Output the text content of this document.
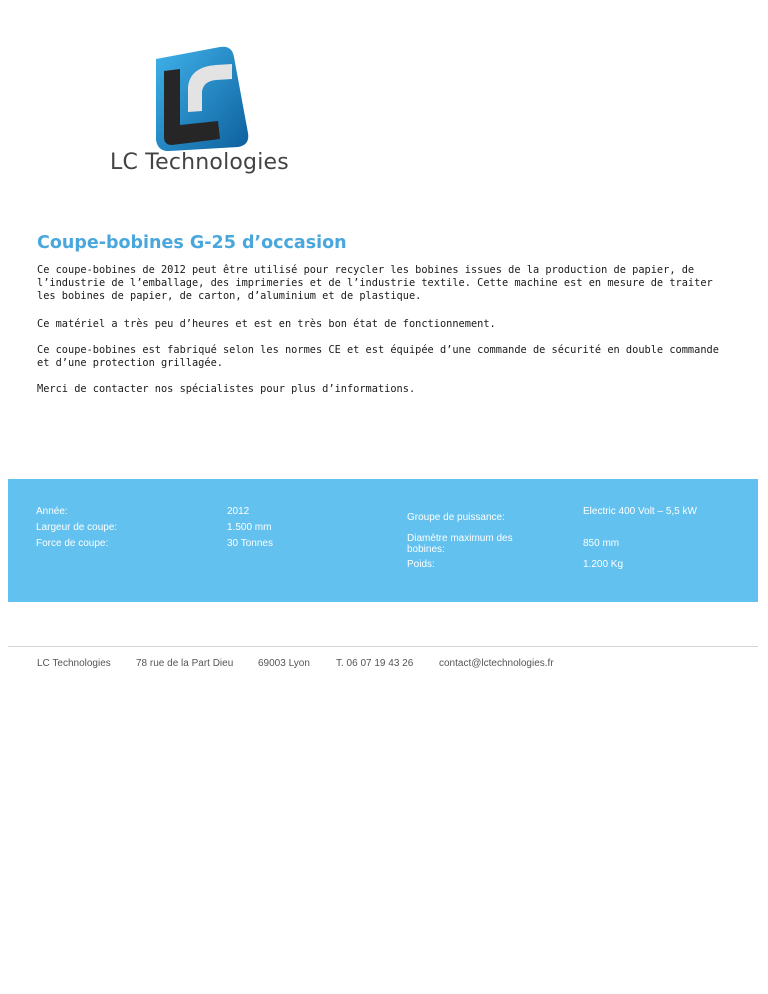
LC Technologies
Coupe-bobines G-25 d’occasion

Ce coupe-bobines de 2012 peut être utilisé pour recycler les bobines issues de la production de papier, de l’industrie de l’emballage, des imprimeries et de l’industrie textile. Cette machine est en mesure de traiter les bobines de papier, de carton, d’aluminium et de plastique.

Ce matériel a très peu d’heures et est en très bon état de fonctionnement.

Ce coupe-bobines est fabriqué selon les normes CE et est équipée d’une commande de sécurité en double commande et d’une protection grillagée.

Merci de contacter nos spécialistes pour plus d’informations.

Année:	2012

Largeur de coupe:	1.500 mm

Force de coupe:	30 Tonnes

Groupe de puissance:

Electric 400 Volt – 5,5 kW

Diamètre maximum des bobines:

850 mm

Poids:	1.200 Kg

LC Technologies	78 rue de la Part Dieu 69003 Lyon	T. 06 07 19 43 26	contact@lctechnologies.fr
